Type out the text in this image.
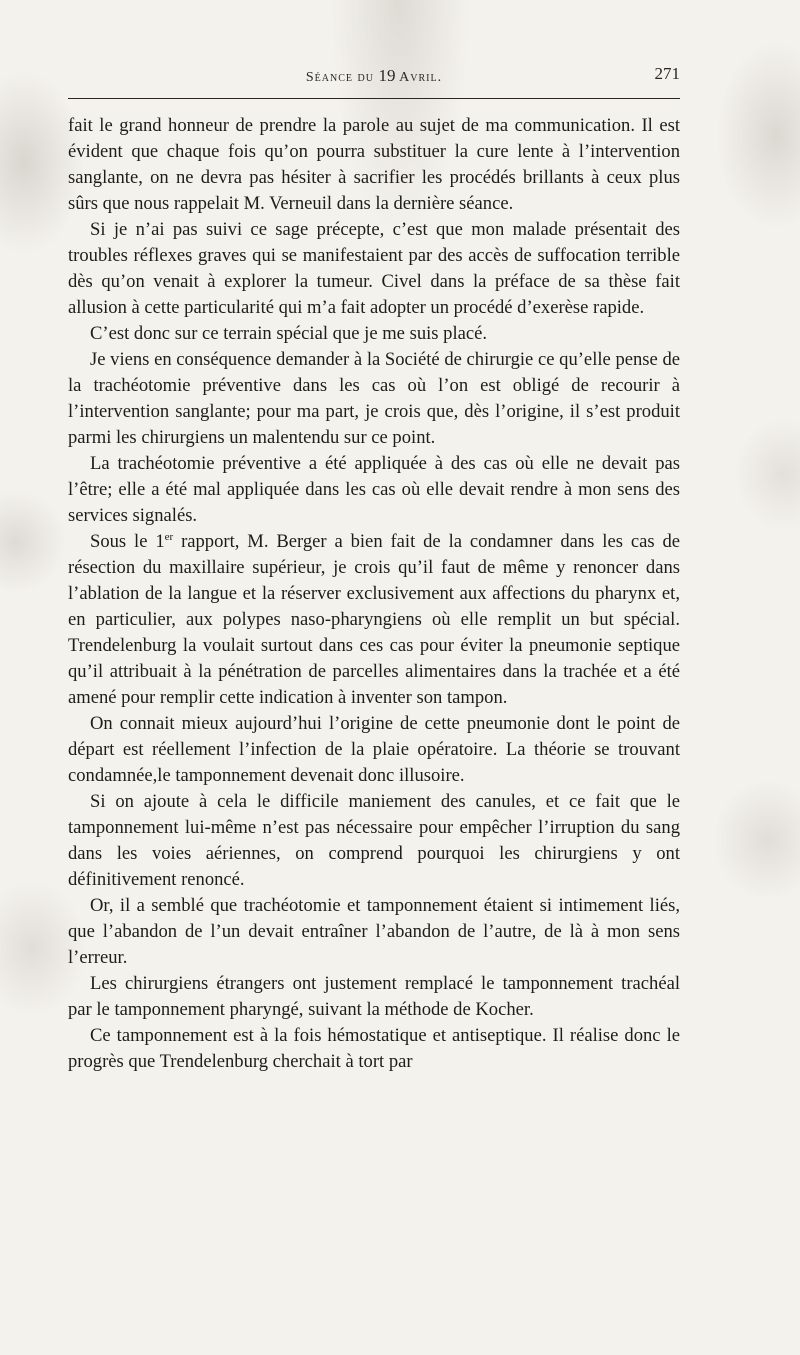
Séance du 19 Avril.	271

fait le grand honneur de prendre la parole au sujet de ma communication. Il est évident que chaque fois qu’on pourra substituer la cure lente à l’intervention sanglante, on ne devra pas hésiter à sacrifier les procédés brillants à ceux plus sûrs que nous rappelait M. Verneuil dans la dernière séance.

Si je n’ai pas suivi ce sage précepte, c’est que mon malade présentait des troubles réflexes graves qui se manifestaient par des accès de suffocation terrible dès qu’on venait à explorer la tumeur. Civel dans la préface de sa thèse fait allusion à cette particularité qui m’a fait adopter un procédé d’exerèse rapide.

C’est donc sur ce terrain spécial que je me suis placé.

Je viens en conséquence demander à la Société de chirurgie ce qu’elle pense de la trachéotomie préventive dans les cas où l’on est obligé de recourir à l’intervention sanglante; pour ma part, je crois que, dès l’origine, il s’est produit parmi les chirurgiens un malentendu sur ce point.

La trachéotomie préventive a été appliquée à des cas où elle ne devait pas l’être; elle a été mal appliquée dans les cas où elle devait rendre à mon sens des services signalés.

Sous le 1er rapport, M. Berger a bien fait de la condamner dans les cas de résection du maxillaire supérieur, je crois qu’il faut de même y renoncer dans l’ablation de la langue et la réserver exclusivement aux affections du pharynx et, en particulier, aux polypes naso-pharyngiens où elle remplit un but spécial. Trendelenburg la voulait surtout dans ces cas pour éviter la pneumonie septique qu’il attribuait à la pénétration de parcelles alimentaires dans la trachée et a été amené pour remplir cette indication à inventer son tampon.

On connait mieux aujourd’hui l’origine de cette pneumonie dont le point de départ est réellement l’infection de la plaie opératoire. La théorie se trouvant condamnée,le tamponnement devenait donc illusoire.

Si on ajoute à cela le difficile maniement des canules, et ce fait que le tamponnement lui-même n’est pas nécessaire pour empêcher l’irruption du sang dans les voies aériennes, on comprend pourquoi les chirurgiens y ont définitivement renoncé.

Or, il a semblé que trachéotomie et tamponnement étaient si intimement liés, que l’abandon de l’un devait entraîner l’abandon de l’autre, de là à mon sens l’erreur.

Les chirurgiens étrangers ont justement remplacé le tamponnement trachéal par le tamponnement pharyngé, suivant la méthode de Kocher.

Ce tamponnement est à la fois hémostatique et antiseptique. Il réalise donc le progrès que Trendelenburg cherchait à tort par
